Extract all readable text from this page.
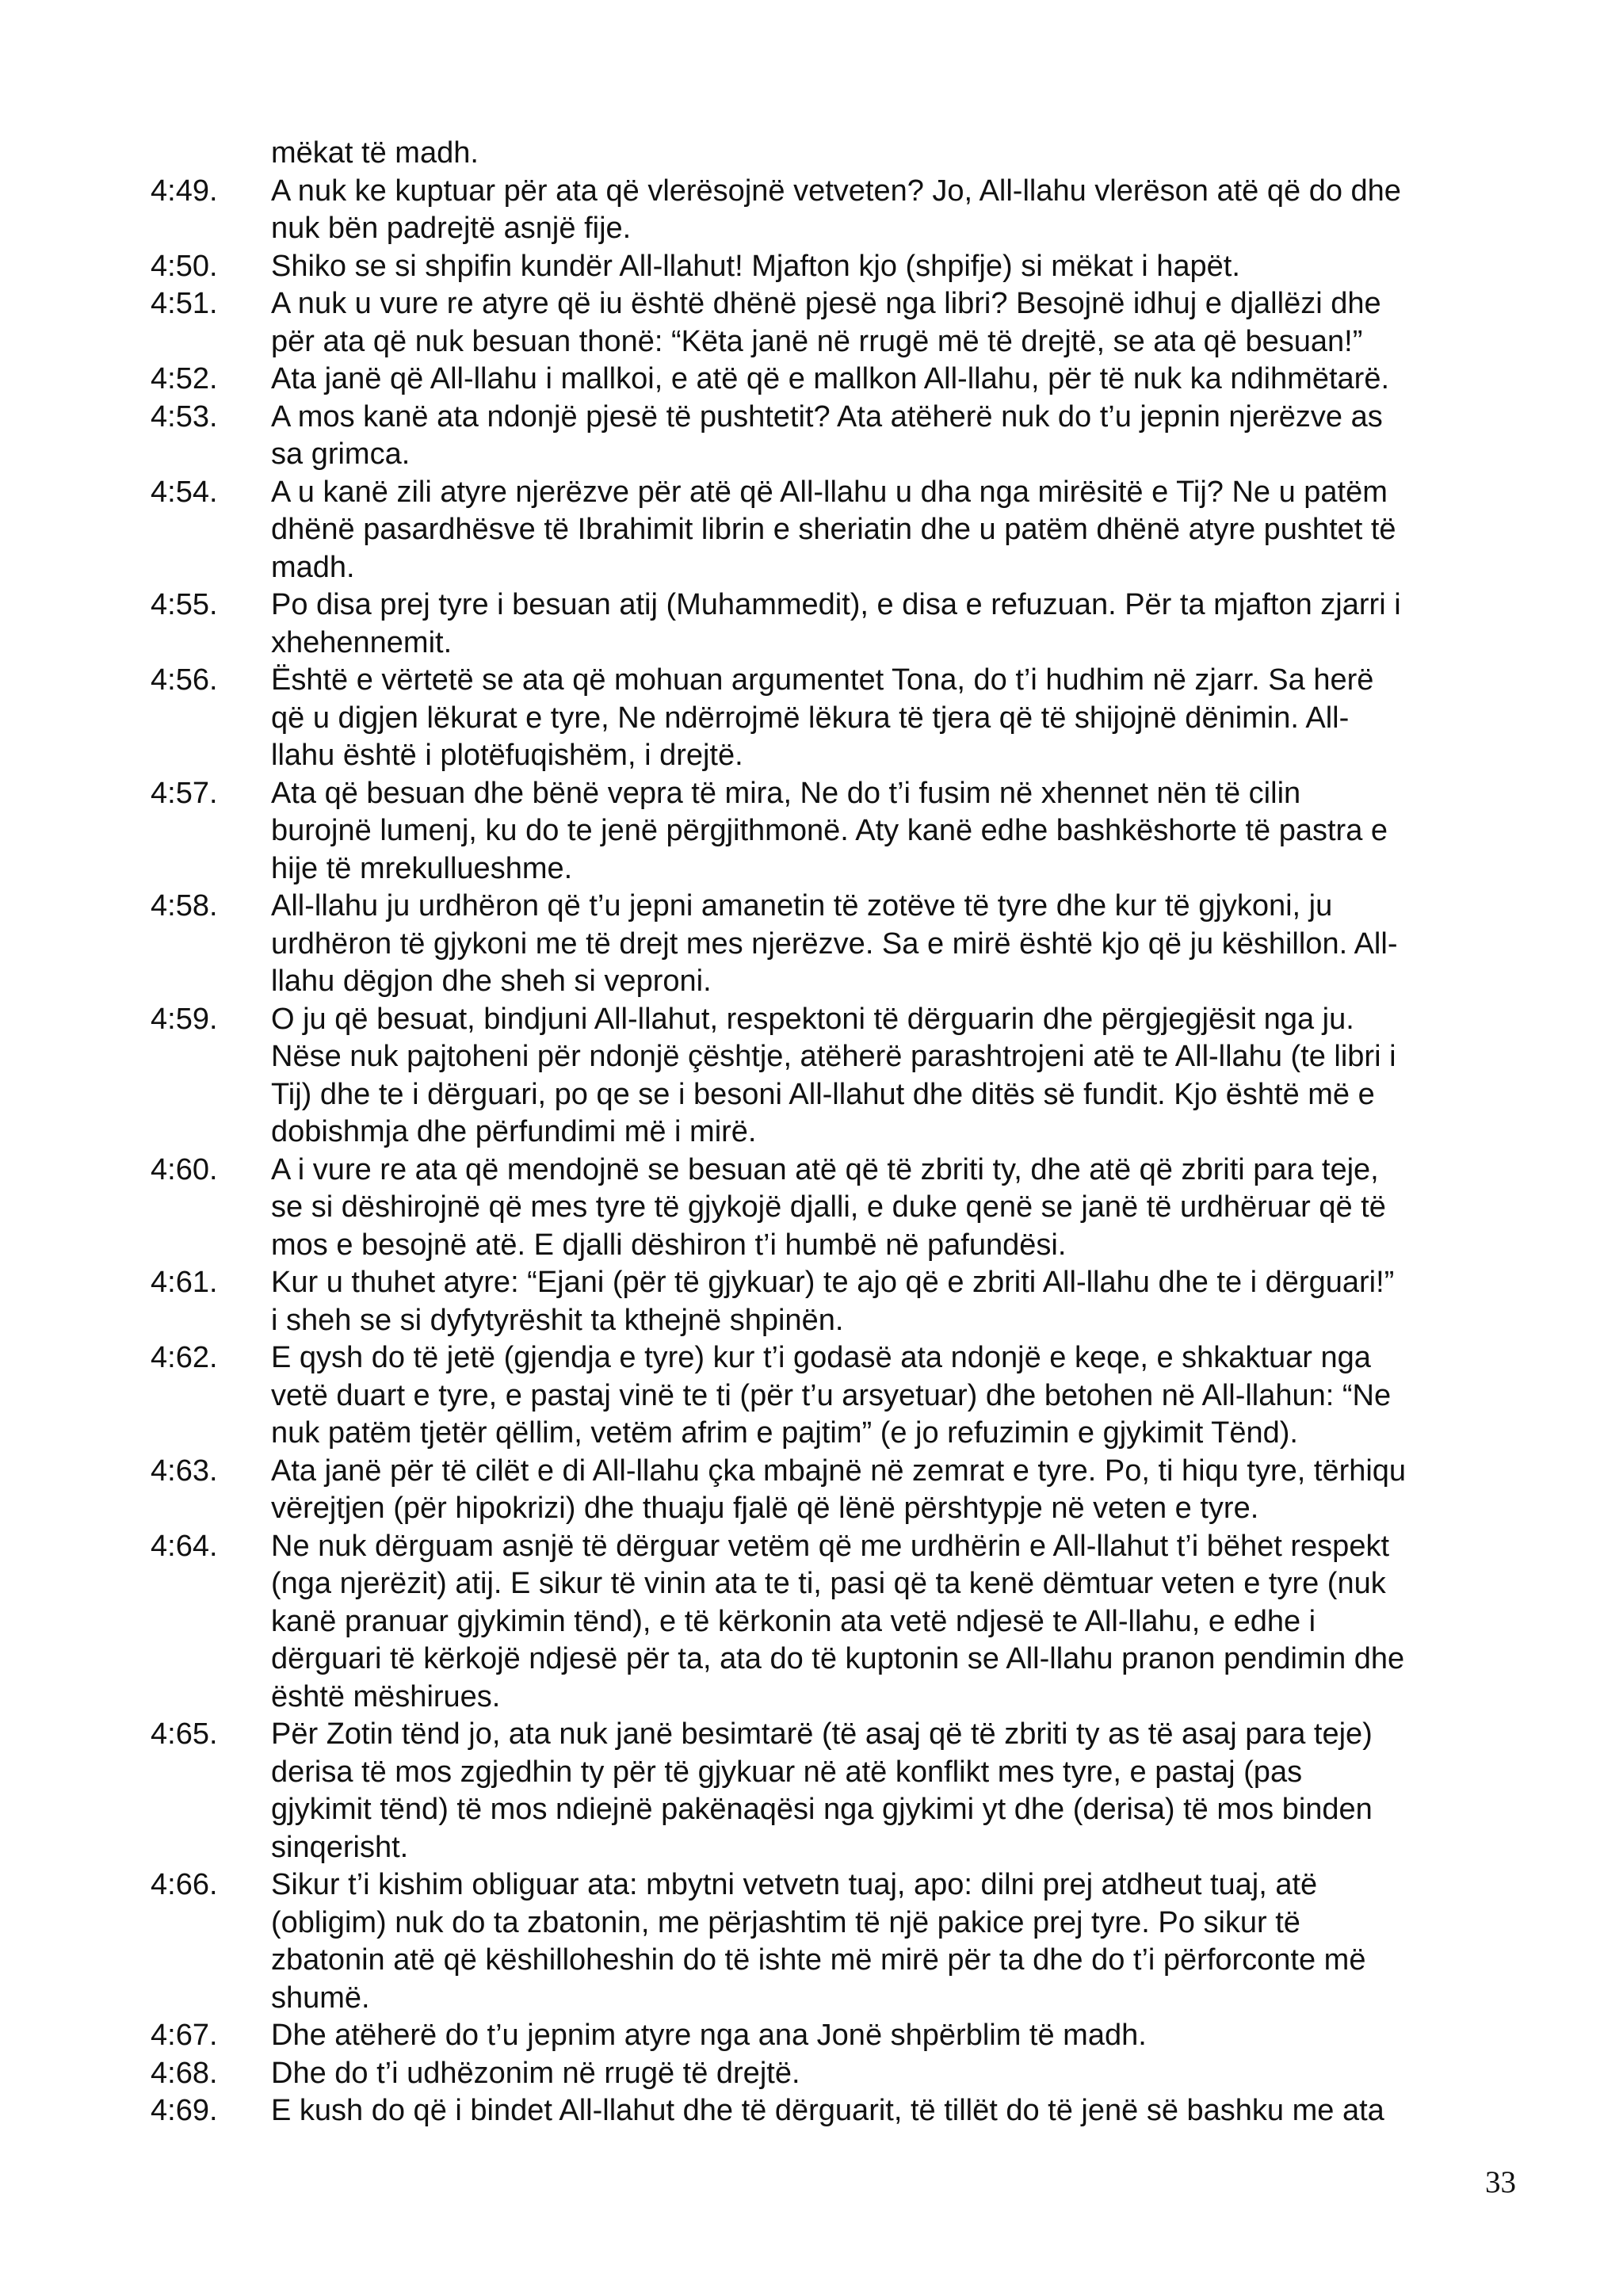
mëkat të madh.
4:49.	A nuk ke kuptuar për ata që vlerësojnë vetveten? Jo, All-llahu vlerëson atë që do dhe
nuk bën padrejtë asnjë fije.
4:50.	Shiko se si shpifin kundër All-llahut! Mjafton kjo (shpifje) si mëkat i hapët.
4:51.	A nuk u vure re atyre që iu është dhënë pjesë nga libri? Besojnë idhuj e djallëzi dhe
për ata që nuk besuan thonë: “Këta janë në rrugë më të drejtë, se ata që besuan!”
4:52.	Ata janë që All-llahu i mallkoi, e atë që e mallkon All-llahu, për të nuk ka ndihmëtarë.
4:53.	A mos kanë ata ndonjë pjesë të pushtetit? Ata atëherë nuk do t’u jepnin njerëzve as
sa grimca.
4:54.	A u kanë zili atyre njerëzve për atë që All-llahu u dha nga mirësitë e Tij? Ne u patëm
dhënë pasardhësve të Ibrahimit librin e sheriatin dhe u patëm dhënë atyre pushtet të
madh.
4:55.	Po disa prej tyre i besuan atij (Muhammedit), e disa e refuzuan. Për ta mjafton zjarri i
xhehennemit.
4:56.	Është e vërtetë se ata që mohuan argumentet Tona, do t’i hudhim në zjarr. Sa herë
që u digjen lëkurat e tyre, Ne ndërrojmë lëkura të tjera që të shijojnë dënimin. All-
llahu është i plotëfuqishëm, i drejtë.
4:57.	Ata që besuan dhe bënë vepra të mira, Ne do t’i fusim në xhennet nën të cilin
burojnë lumenj, ku do te jenë përgjithmonë. Aty kanë edhe bashkëshorte të pastra e
hije të mrekullueshme.
4:58.	All-llahu ju urdhëron që t’u jepni amanetin të zotëve të tyre dhe kur të gjykoni, ju
urdhëron të gjykoni me të drejt mes njerëzve. Sa e mirë është kjo që ju këshillon. All-
llahu dëgjon dhe sheh si vepronі.
4:59.	O ju që besuat, bindjuni All-llahut, respektoni të dërguarin dhe përgjegjësit nga ju.
Nëse nuk pajtoheni për ndonjë çështje, atëherë parashtrojeni atë te All-llahu (te libri i
Tij) dhe te i dërguari, po qe se i besoni All-llahut dhe ditës së fundit. Kjo është më e
dobishmja dhe përfundimi më i mirë.
4:60.	A i vure re ata që mendojnë se besuan atë që të zbriti ty, dhe atë që zbriti para teje,
se si dëshirojnë që mes tyre të gjykojë djalli, e duke qenë se janë të urdhëruar që të
mos e besojnë atë. E djalli dëshiron t’i humbë në pafundësi.
4:61.	Kur u thuhet atyre: “Ejani (për të gjykuar) te ajo që e zbriti All-llahu dhe te i dërguari!”
i sheh se si dyfytyrëshit ta kthejnë shpinën.
4:62.	E qysh do të jetë (gjendja e tyre) kur t’i godasë ata ndonjë e keqe, e shkaktuar nga
vetë duart e tyre, e pastaj vinë te ti (për t’u arsyetuar) dhe betohen në All-llahun: “Ne
nuk patëm tjetër qëllim, vetëm afrim e pajtim” (e jo refuzimin e gjykimit Tënd).
4:63.	Ata janë për të cilët e di All-llahu çka mbajnë në zemrat e tyre. Po, ti hiqu tyre, tërhiqu
vërejtjen (për hipokrizi) dhe thuaju fjalë që lënë përshtypje në veten e tyre.
4:64.	Ne nuk dërguam asnjë të dërguar vetëm që me urdhërin e All-llahut t’i bëhet respekt
(nga njerëzit) atij. E sikur të vinin ata te ti, pasi që ta kenë dëmtuar veten e tyre (nuk
kanë pranuar gjykimin tënd), e të kërkonin ata vetë ndjesë te All-llahu, e edhe i
dërguari të kërkojë ndjesë për ta, ata do të kuptonin se All-llahu pranon pendimin dhe
është mëshirues.
4:65.	Për Zotin tënd jo, ata nuk janë besimtarë (të asaj që të zbriti ty as të asaj para teje)
derisa të mos zgjedhin ty për të gjykuar në atë konflikt mes tyre, e pastaj (pas
gjykimit tënd) të mos ndiejnë pakënaqësi nga gjykimi yt dhe (derisa) të mos binden
sinqerisht.
4:66.	Sikur t’i kishim obliguar ata: mbytni vetvetn tuaj, apo: dilni prej atdheut tuaj, atë
(obligim) nuk do ta zbatonin, me përjashtim të një pakice prej tyre. Po sikur të
zbatonin atë që këshilloheshin do të ishte më mirë për ta dhe do t’i përforconte më
shumë.
4:67.	Dhe atëherë do t’u jepnim atyre nga ana Jonë shpërblim të madh.
4:68.	Dhe do t’i udhëzonim në rrugë të drejtë.
4:69.	E kush do që i bindet All-llahut dhe të dërguarit, të tillët do të jenë së bashku me ata
33
